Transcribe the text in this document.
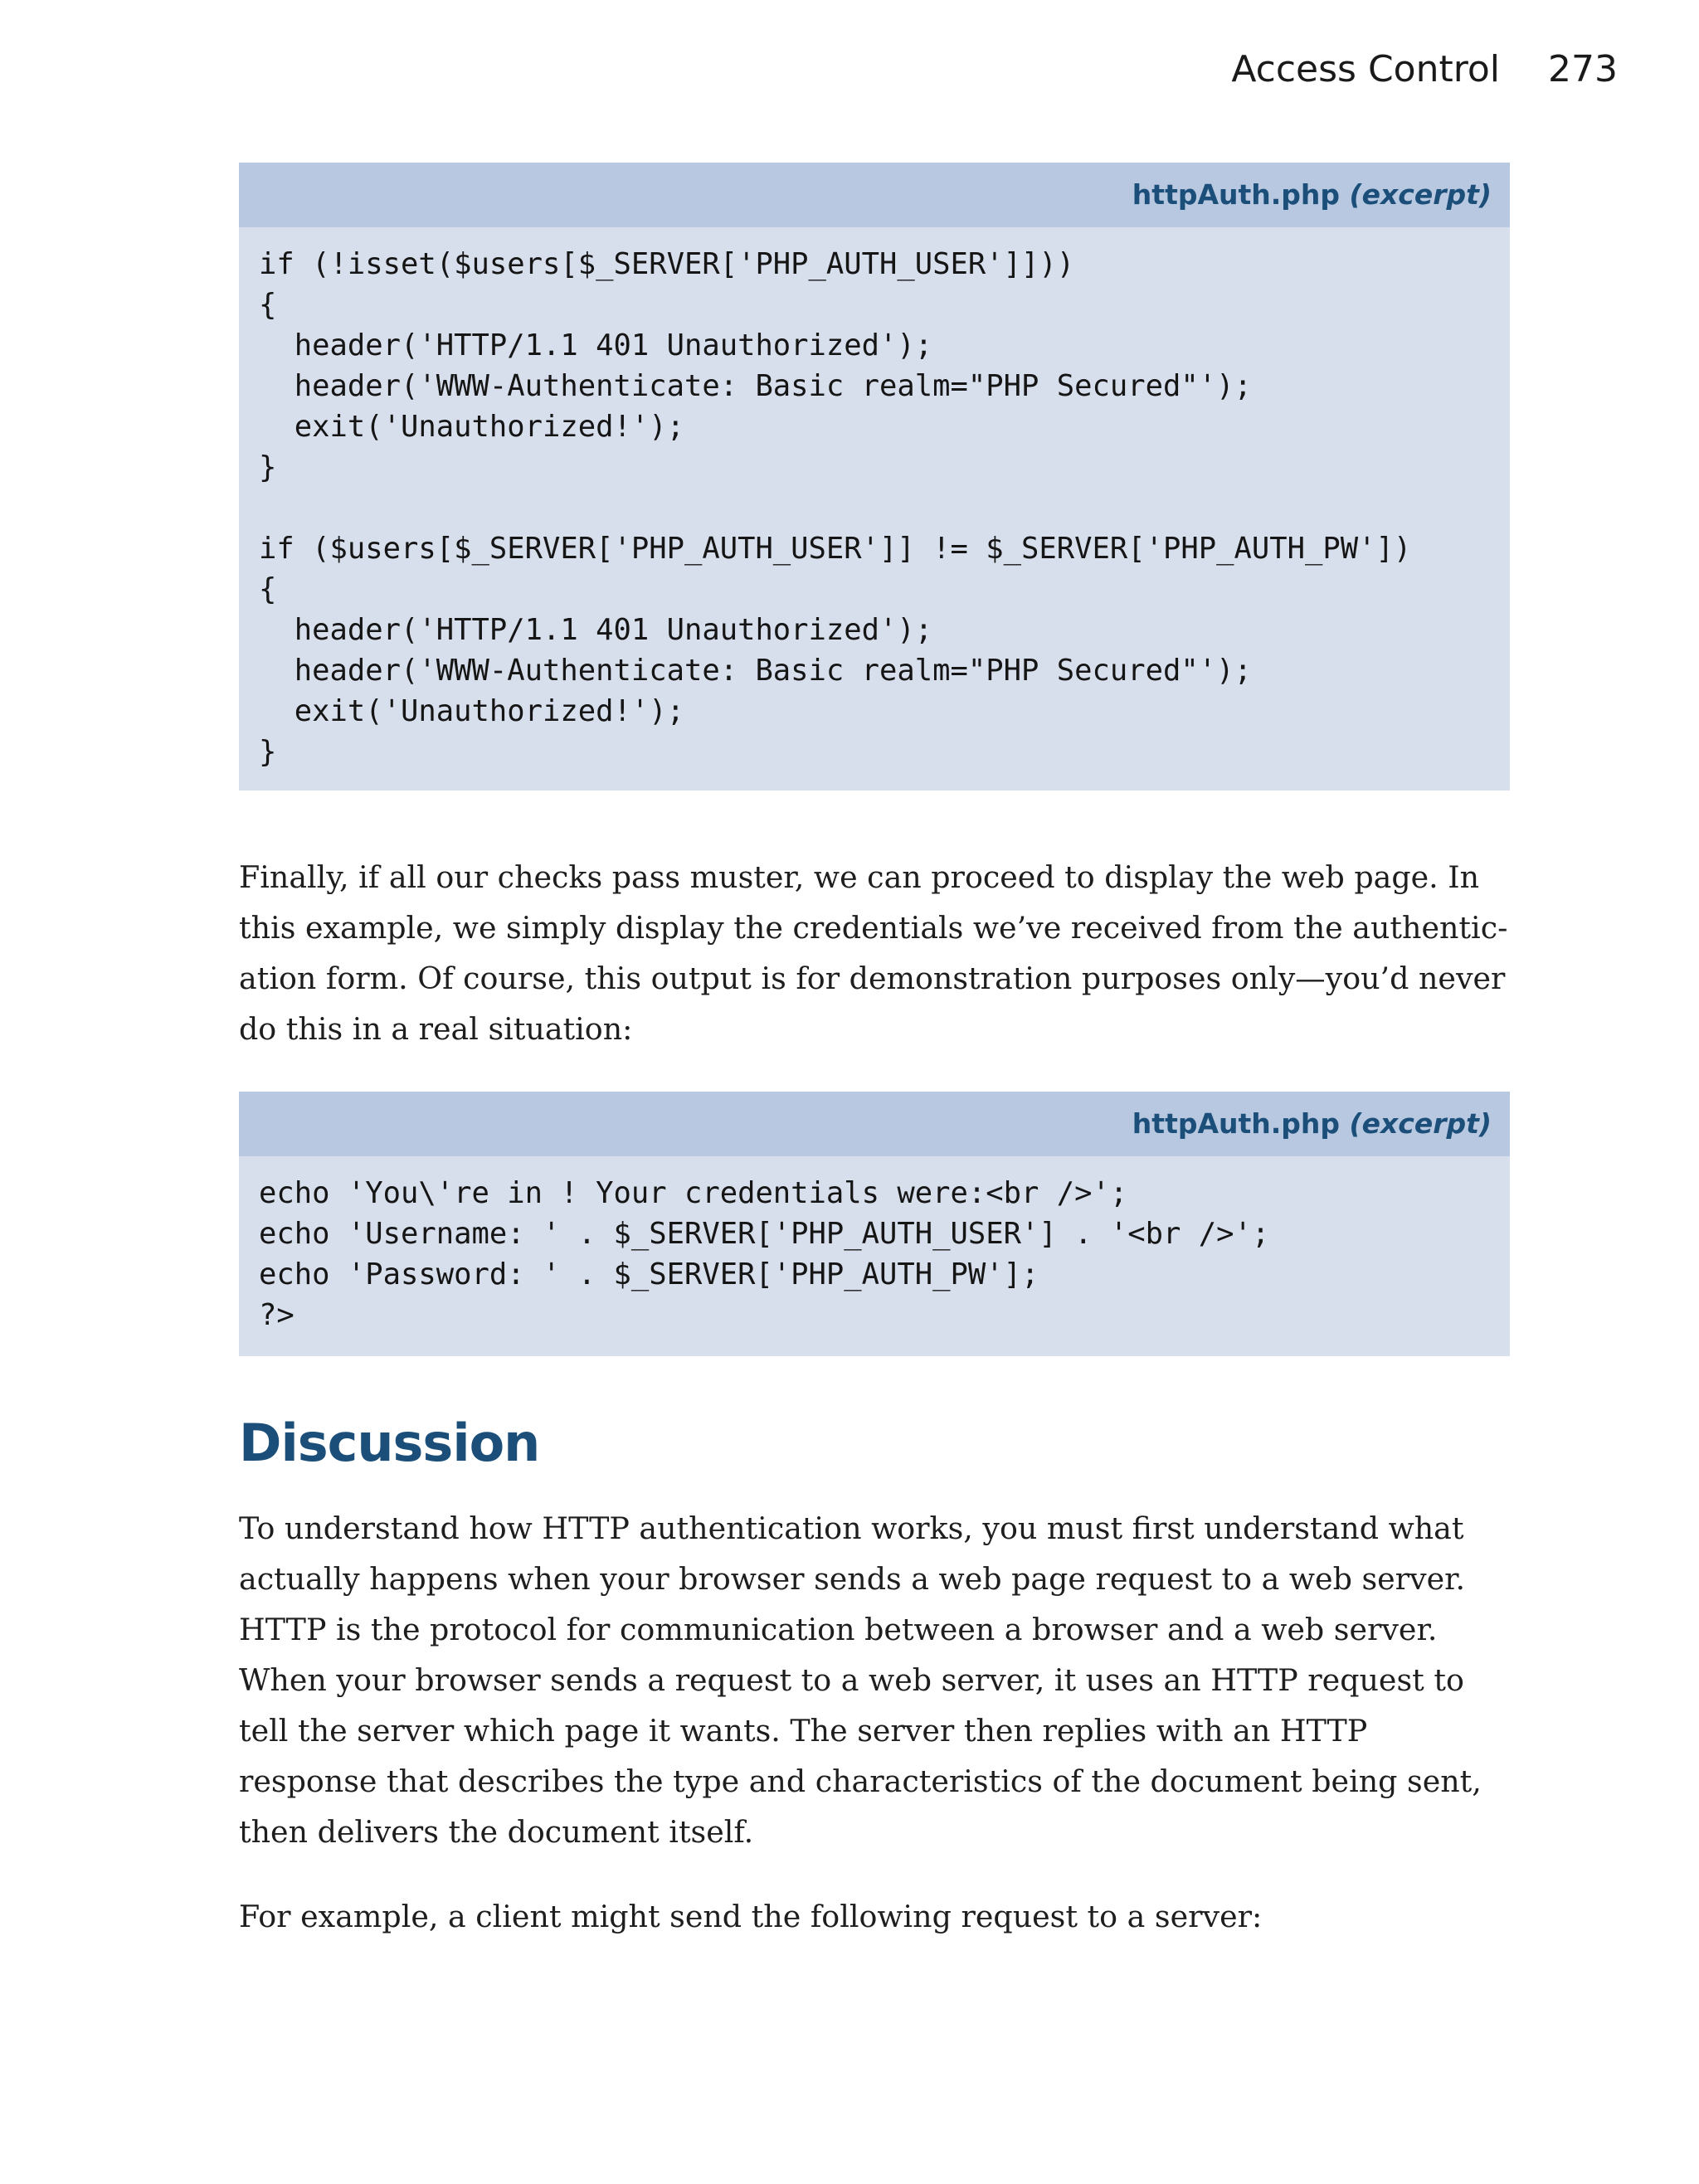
Access Control 273
httpAuth.php (excerpt)
if (!isset($users[$_SERVER['PHP_AUTH_USER']]))
{
header('HTTP/1.1 401 Unauthorized');
header('WWW-Authenticate: Basic realm="PHP Secured"');
exit('Unauthorized!');
}

if ($users[$_SERVER['PHP_AUTH_USER']] != $_SERVER['PHP_AUTH_PW'])
{
header('HTTP/1.1 401 Unauthorized');
header('WWW-Authenticate: Basic realm="PHP Secured"');
exit('Unauthorized!');
}

Finally, if all our checks pass muster, we can proceed to display the web page. In this example, we simply display the credentials we’ve received from the authentic-ation form. Of course, this output is for demonstration purposes only—you’d never do this in a real situation:

httpAuth.php (excerpt)
echo 'You\'re in ! Your credentials were:<br />';
echo 'Username: ' . $_SERVER['PHP_AUTH_USER'] . '<br />';
echo 'Password: ' . $_SERVER['PHP_AUTH_PW'];
?>
Discussion

To understand how HTTP authentication works, you must first understand what actually happens when your browser sends a web page request to a web server. HTTP is the protocol for communication between a browser and a web server. When your browser sends a request to a web server, it uses an HTTP request to tell the server which page it wants. The server then replies with an HTTP response that describes the type and characteristics of the document being sent, then delivers the document itself.

For example, a client might send the following request to a server:
